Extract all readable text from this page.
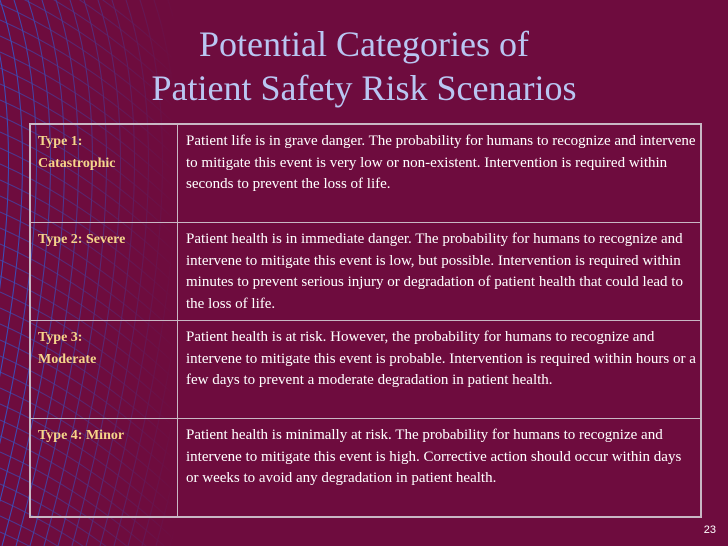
Potential Categories of
Patient Safety Risk Scenarios
Type 1:
Catastrophic	Patient life is in grave danger. The probability for humans to recognize and intervene to mitigate this event is very low or non-existent. Intervention is required within seconds to prevent the loss of life.

Type 2: Severe	Patient health is in immediate danger. The probability for humans to recognize and intervene to mitigate this event is low, but possible. Intervention is required within minutes to prevent serious injury or degradation of patient health that could lead to the loss of life.

Type 3:
Moderate	Patient health is at risk. However, the probability for humans to recognize and intervene to mitigate this event is probable. Intervention is required within hours or a few days to prevent a moderate degradation in patient health.

Type 4: Minor	Patient health is minimally at risk. The probability for humans to recognize and intervene to mitigate this event is high. Corrective action should occur within days or weeks to avoid any degradation in patient health.
23
